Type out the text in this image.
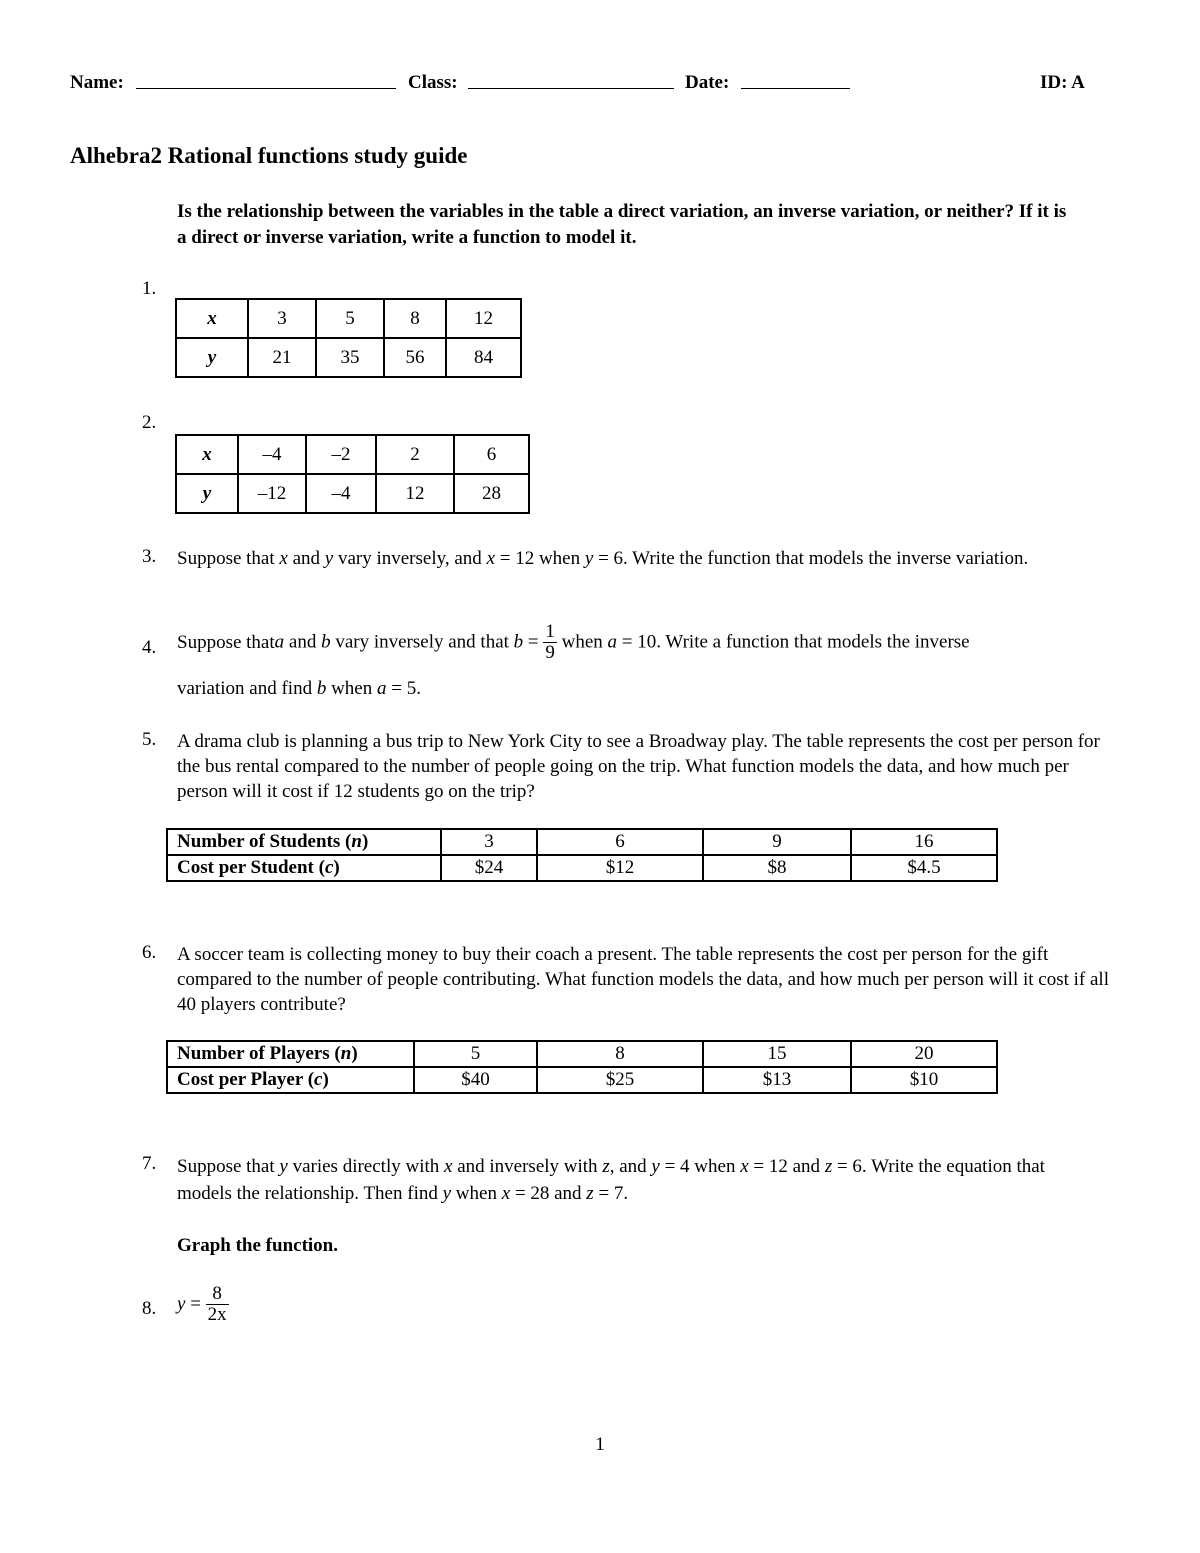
Name:	Class:	Date:	ID: A
Alhebra2 Rational functions study guide
Is the relationship between the variables in the table a direct variation, an inverse variation, or neither? If it is a direct or inverse variation, write a function to model it.
1.
x	3	5	8	12
y	21	35	56	84
2.
x	–4	–2	2	6
y	–12	–4	12	28
3. Suppose that x and y vary inversely, and x = 12 when y = 6. Write the function that models the inverse variation.
4. Suppose thata and b vary inversely and that $b = \frac{1}{9}$ when a = 10. Write a function that models the inverse
variation and find b when a = 5.
5. A drama club is planning a bus trip to New York City to see a Broadway play. The table represents the cost per person for the bus rental compared to the number of people going on the trip. What function models the data, and how much per person will it cost if 12 students go on the trip?
Number of Students (n)	3	6	9	16
Cost per Student (c)	$24	$12	$8	$4.5
6. A soccer team is collecting money to buy their coach a present. The table represents the cost per person for the gift compared to the number of people contributing. What function models the data, and how much per person will it cost if all 40 players contribute?
Number of Players (n)	5	8	15	20
Cost per Player (c)	$40	$25	$13	$10
7. Suppose that y varies directly with x and inversely with z, and y = 4 when x = 12 and z = 6. Write the equation that models the relationship. Then find y when x = 28 and z = 7.
Graph the function.
8. $y = \frac{8}{2x}$
1
